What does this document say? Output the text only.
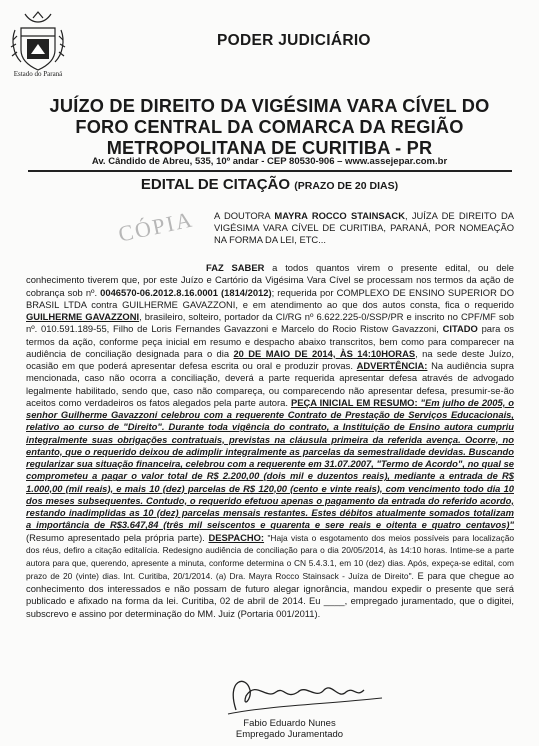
Estado do Paraná
PODER JUDICIÁRIO
JUÍZO DE DIREITO DA VIGÉSIMA VARA CÍVEL DO
FORO CENTRAL DA COMARCA DA REGIÃO
METROPOLITANA DE CURITIBA - PR
Av. Cândido de Abreu, 535, 10º andar - CEP 80530-906 – www.assejepar.com.br
EDITAL DE CITAÇÃO (PRAZO DE 20 DIAS)
CÓPIA A DOUTORA MAYRA ROCCO STAINSACK, JUÍZA DE DIREITO DA VIGÉSIMA VARA CÍVEL DE CURITIBA, PARANÁ, POR NOMEAÇÃO NA FORMA DA LEI, ETC...

FAZ SABER a todos quantos virem o presente edital, ou dele conhecimento tiverem que, por este Juízo e Cartório da Vigésima Vara Cível se processam nos termos da ação de cobrança sob nº. 0046570-06.2012.8.16.0001 (1814/2012); requerida por COMPLEXO DE ENSINO SUPERIOR DO BRASIL LTDA contra GUILHERME GAVAZZONI, e em atendimento ao que dos autos consta, fica o requerido GUILHERME GAVAZZONI, brasileiro, solteiro, portador da CI/RG nº 6.622.225-0/SSP/PR e inscrito no CPF/MF sob nº. 010.591.189-55, Filho de Loris Fernandes Gavazzoni e Marcelo do Rocio Ristow Gavazzoni, CITADO para os termos da ação, conforme peça inicial em resumo e despacho abaixo transcritos, bem como para comparecer na audiência de conciliação designada para o dia 20 DE MAIO DE 2014, ÀS 14:10HORAS, na sede deste Juízo, ocasião em que poderá apresentar defesa escrita ou oral e produzir provas. ADVERTÊNCIA: Na audiência supra mencionada, caso não ocorra a conciliação, deverá a parte requerida apresentar defesa através de advogado legalmente habilitado, sendo que, caso não compareça, ou comparecendo não apresentar defesa, presumir-se-ão aceitos como verdadeiros os fatos alegados pela parte autora. PEÇA INICIAL EM RESUMO: "Em julho de 2005, o senhor Guilherme Gavazzoni celebrou com a requerente Contrato de Prestação de Serviços Educacionais, relativo ao curso de "Direito". Durante toda vigência do contrato, a Instituição de Ensino autora cumpriu integralmente suas obrigações contratuais, previstas na cláusula primeira da referida avença. Ocorre, no entanto, que o requerido deixou de adimplir integralmente as parcelas da semestralidade devidas. Buscando regularizar sua situação financeira, celebrou com a requerente em 31.07.2007, "Termo de Acordo", no qual se comprometeu a pagar o valor total de R$ 2.200,00 (dois mil e duzentos reais), mediante a entrada de R$ 1.000,00 (mil reais), e mais 10 (dez) parcelas de R$ 120,00 (cento e vinte reais), com vencimento todo dia 10 dos meses subsequentes. Contudo, o requerido efetuou apenas o pagamento da entrada do referido acordo, restando inadimplidas as 10 (dez) parcelas mensais restantes. Estes débitos atualmente somados totalizam a importância de R$3.647,84 (três mil seiscentos e quarenta e sere reais e oitenta e quatro centavos)" (Resumo apresentado pela própria parte). DESPACHO: "Haja vista o esgotamento dos meios possíveis para localização dos réus, defiro a citação editalícia. Redesigno audiência de conciliação para o dia 20/05/2014, às 14:10 horas. Intime-se a parte autora para que, querendo, apresente a minuta, conforme determina o CN 5.4.3.1, em 10 (dez) dias. Após, expeça-se edital, com prazo de 20 (vinte) dias. Int. Curitiba, 20/1/2014. (a) Dra. Mayra Rocco Stainsack - Juíza de Direito". E para que chegue ao conhecimento dos interessados e não possam de futuro alegar ignorância, mandou expedir o presente que será publicado e afixado na forma da lei. Curitiba, 02 de abril de 2014. Eu ____, empregado juramentado, que o digitei, subscrevo e assino por determinação do MM. Juiz (Portaria 001/2011).

Fabio Eduardo Nunes
Empregado Juramentado
